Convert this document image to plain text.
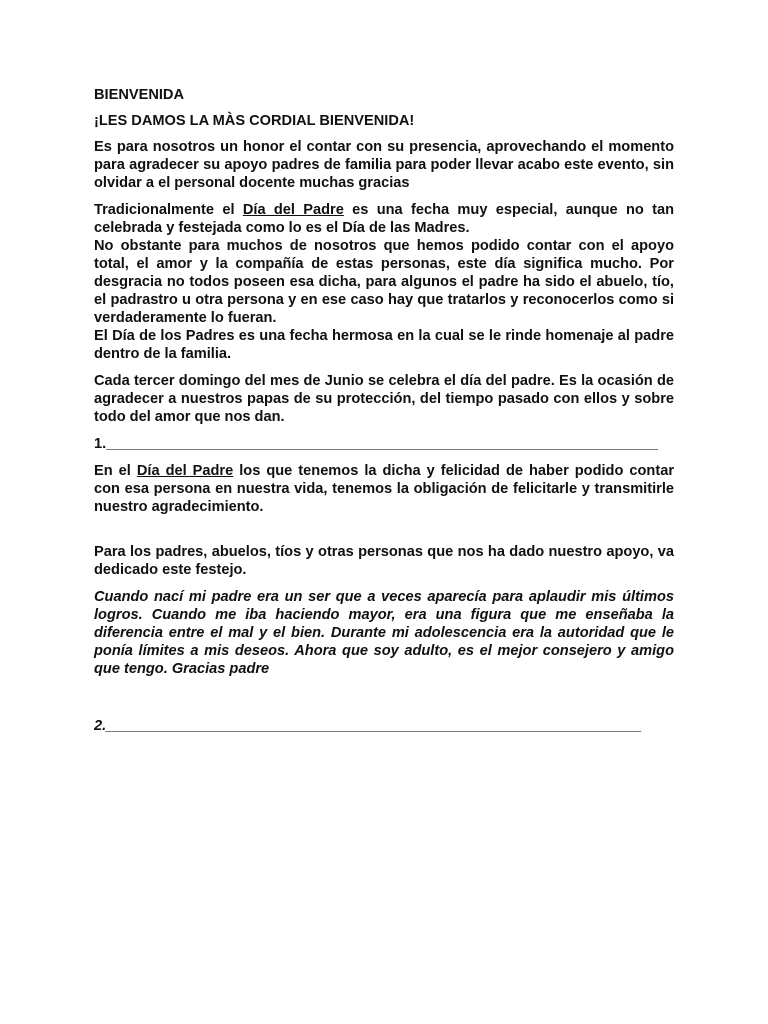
BIENVENIDA
¡LES DAMOS LA MÀS CORDIAL BIENVENIDA!

Es para nosotros un honor el contar con su presencia, aprovechando el momento para agradecer su apoyo padres de familia para poder llevar acabo este evento, sin olvidar a el personal docente muchas gracias

Tradicionalmente el Día del Padre es una fecha muy especial, aunque no tan celebrada y festejada como lo es el Día de las Madres.
No obstante para muchos de nosotros que hemos podido contar con el apoyo total, el amor y la compañía de estas personas, este día significa mucho. Por desgracia no todos poseen esa dicha, para algunos el padre ha sido el abuelo, tío, el padrastro u otra persona y en ese caso hay que tratarlos y reconocerlos como si verdaderamente lo fueran.
El Día de los Padres es una fecha hermosa en la cual se le rinde homenaje al padre dentro de la familia.

Cada tercer domingo del mes de Junio se celebra el día del padre. Es la ocasión de agradecer a nuestros papas de su protección, del tiempo pasado con ellos y sobre todo del amor que nos dan.

1.____________________________________________________________________

En el Día del Padre los que tenemos la dicha y felicidad de haber podido contar con esa persona en nuestra vida, tenemos la obligación de felicitarle y transmitirle nuestro agradecimiento.

Para los padres, abuelos, tíos y otras personas que nos ha dado nuestro apoyo, va dedicado este festejo.

Cuando nací mi padre era un ser que a veces aparecía para aplaudir mis últimos logros. Cuando me iba haciendo mayor, era una figura que me enseñaba la diferencia entre el mal y el bien. Durante mi adolescencia era la autoridad que le ponía límites a mis deseos. Ahora que soy adulto, es el mejor consejero y amigo que tengo. Gracias padre

2.__________________________________________________________________
